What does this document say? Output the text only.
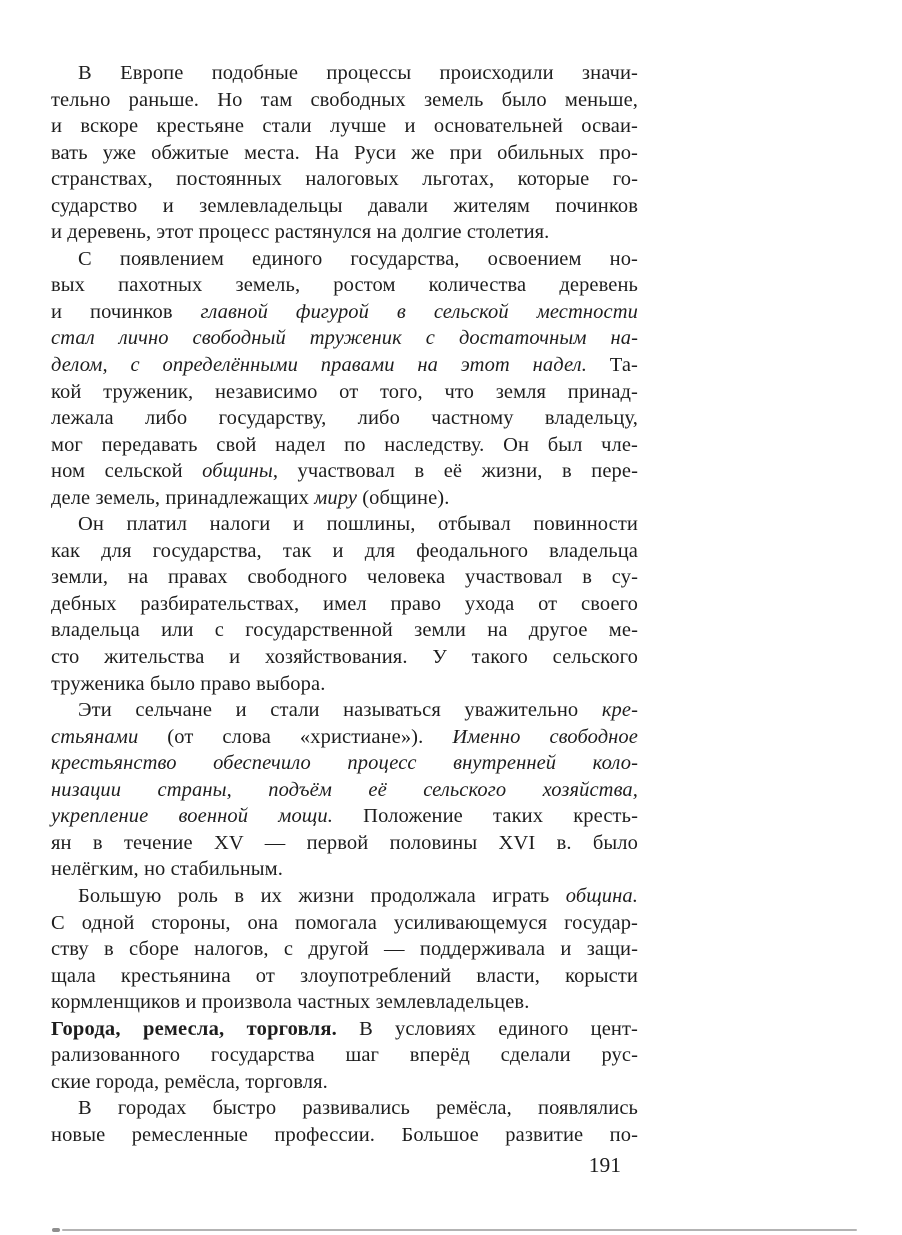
В Европе подобные процессы происходили значи-
тельно раньше. Но там свободных земель было меньше,
и вскоре крестьяне стали лучше и основательней осваи-
вать уже обжитые места. На Руси же при обильных про-
странствах, постоянных налоговых льготах, которые го-
сударство и землевладельцы давали жителям починков
и деревень, этот процесс растянулся на долгие столетия.
С появлением единого государства, освоением но-
вых пахотных земель, ростом количества деревень
и починков главной фигурой в сельской местности
стал лично свободный труженик с достаточным на-
делом, с определёнными правами на этот надел. Та-
кой труженик, независимо от того, что земля принад-
лежала либо государству, либо частному владельцу,
мог передавать свой надел по наследству. Он был чле-
ном сельской общины, участвовал в её жизни, в пере-
деле земель, принадлежащих миру (общине).
Он платил налоги и пошлины, отбывал повинности
как для государства, так и для феодального владельца
земли, на правах свободного человека участвовал в су-
дебных разбирательствах, имел право ухода от своего
владельца или с государственной земли на другое ме-
сто жительства и хозяйствования. У такого сельского
труженика было право выбора.
Эти сельчане и стали называться уважительно кре-
стьянами (от слова «христиане»). Именно свободное
крестьянство обеспечило процесс внутренней коло-
низации страны, подъём её сельского хозяйства,
укрепление военной мощи. Положение таких кресть-
ян в течение XV — первой половины XVI в. было
нелёгким, но стабильным.
Большую роль в их жизни продолжала играть община.
С одной стороны, она помогала усиливающемуся государ-
ству в сборе налогов, с другой — поддерживала и защи-
щала крестьянина от злоупотреблений власти, корысти
кормленщиков и произвола частных землевладельцев.
Города, ремесла, торговля. В условиях единого цент-
рализованного государства шаг вперёд сделали рус-
ские города, ремёсла, торговля.
В городах быстро развивались ремёсла, появлялись
новые ремесленные профессии. Большое развитие по-
191
